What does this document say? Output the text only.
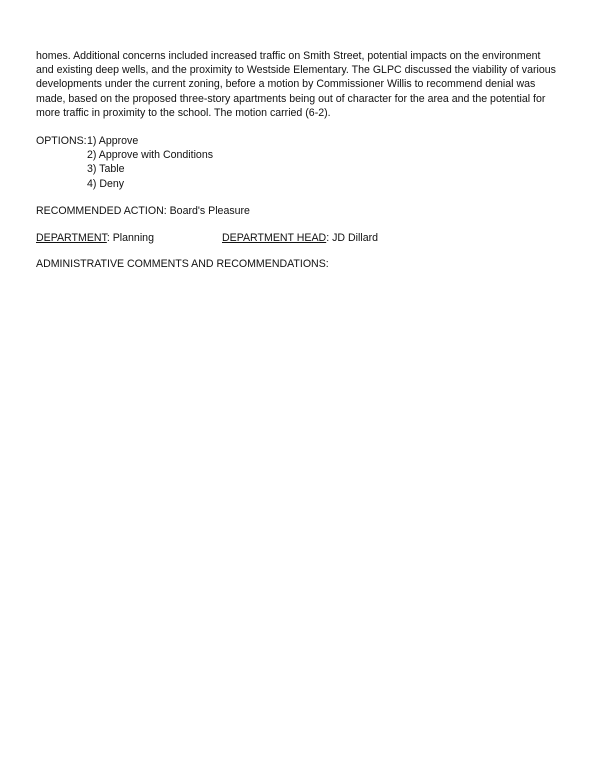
homes. Additional concerns included increased traffic on Smith Street, potential impacts on the environment
and existing deep wells, and the proximity to Westside Elementary. The GLPC discussed the viability of various
developments under the current zoning, before a motion by Commissioner Willis to recommend denial was
made, based on the proposed three-story apartments being out of character for the area and the potential for
more traffic in proximity to the school. The motion carried (6-2).
OPTIONS: 1) Approve
2) Approve with Conditions
3) Table
4) Deny
RECOMMENDED ACTION: Board's Pleasure
DEPARTMENT: Planning	DEPARTMENT HEAD: JD Dillard
ADMINISTRATIVE COMMENTS AND RECOMMENDATIONS:
